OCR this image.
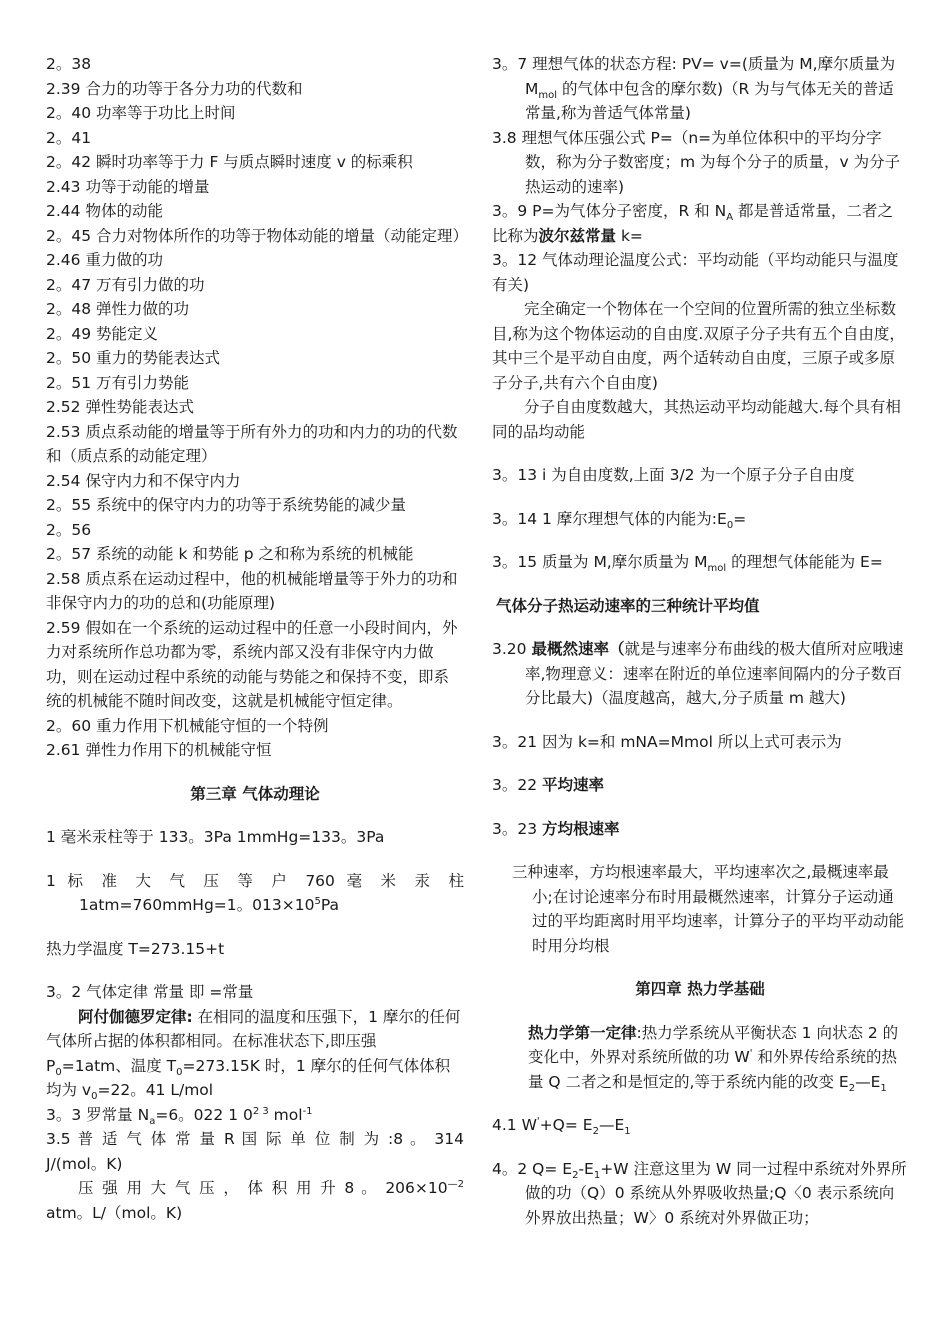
2。38

2.39 合力的功等于各分力功的代数和

2。40 功率等于功比上时间

2。41

2。42 瞬时功率等于力 F 与质点瞬时速度 v 的标乘积

2.43 功等于动能的增量

2.44 物体的动能

2。45 合力对物体所作的功等于物体动能的增量（动能定理）

2.46 重力做的功

2。47 万有引力做的功

2。48 弹性力做的功

2。49 势能定义

2。50 重力的势能表达式

2。51 万有引力势能

2.52 弹性势能表达式

2.53 质点系动能的增量等于所有外力的功和内力的功的代数和（质点系的动能定理）

2.54 保守内力和不保守内力

2。55 系统中的保守内力的功等于系统势能的减少量

2。56

2。57 系统的动能 k 和势能 p 之和称为系统的机械能

2.58 质点系在运动过程中，他的机械能增量等于外力的功和非保守内力的功的总和(功能原理)

2.59 假如在一个系统的运动过程中的任意一小段时间内，外力对系统所作总功都为零，系统内部又没有非保守内力做功，则在运动过程中系统的动能与势能之和保持不变，即系统的机械能不随时间改变，这就是机械能守恒定律。

2。60 重力作用下机械能守恒的一个特例

2.61 弹性力作用下的机械能守恒

第三章 气体动理论

1 毫米汞柱等于 133。3Pa 1mmHg=133。3Pa

1 标 准 大 气 压 等 户 760 毫 米 汞 柱

1atm=760mmHg=1。$013\times 10^5Pa$

热力学温度 T=273.15+t

3。2 气体定律 常量 即 =常量

阿付伽德罗定律: 在相同的温度和压强下，1 摩尔的任何气体所占据的体积都相同。在标准状态下,即压强 $P_0=1atm$、温度 $T_0=273.15K$ 时，1 摩尔的任何气体体积均为 $v_0=22$。41 L/mol

3。3 罗常量 $N_a=6$。022 1 $0^{2 3}$ mol$^{-1}$

3.5 普 适 气 体 常 量 R 国 际 单 位 制 为 :8 。 314 J/(mol。K)

压 强 用 大 气 压 ， 体 积 用 升 8 。 $206\times 10^{—2}$ atm。L/（mol。K)

3。7 理想气体的状态方程: PV= v=(质量为 M,摩尔质量为 $M_{mol}$ 的气体中包含的摩尔数)（R 为与气体无关的普适常量,称为普适气体常量)

3.8 理想气体压强公式 P=（n=为单位体积中的平均分字数，称为分子数密度；m 为每个分子的质量，v 为分子热运动的速率)

3。9 P=为气体分子密度，R 和 $N_A$ 都是普适常量，二者之比称为波尔兹常量 k=

3。12 气体动理论温度公式：平均动能（平均动能只与温度有关)

完全确定一个物体在一个空间的位置所需的独立坐标数目,称为这个物体运动的自由度.双原子分子共有五个自由度，其中三个是平动自由度，两个适转动自由度，三原子或多原子分子,共有六个自由度)

分子自由度数越大，其热运动平均动能越大.每个具有相同的品均动能

3。13 i 为自由度数,上面 3/2 为一个原子分子自由度

3。14 1 摩尔理想气体的内能为$:E_0=$

3。15 质量为 M,摩尔质量为 $M_{mol}$ 的理想气体能能为 E=

气体分子热运动速率的三种统计平均值

3.20 最概然速率（就是与速率分布曲线的极大值所对应哦速率,物理意义：速率在附近的单位速率间隔内的分子数百分比最大)（温度越高，越大,分子质量 m 越大)

3。21 因为 k=和 mNA=Mmol 所以上式可表示为

3。22 平均速率

3。23 方均根速率

三种速率，方均根速率最大，平均速率次之,最概速率最小;在讨论速率分布时用最概然速率，计算分子运动通过的平均距离时用平均速率，计算分子的平均平动动能时用分均根

第四章 热力学基础

热力学第一定律:热力学系统从平衡状态 1 向状态 2 的变化中，外界对系统所做的功 W' 和外界传给系统的热量 Q 二者之和是恒定的,等于系统内能的改变 $E_2—E_1$

4.1 $W'+Q= E_2—E_1$

4。2 $Q= E_2-E_1+W$ 注意这里为 W 同一过程中系统对外界所做的功（Q）0 系统从外界吸收热量;Q〈0 表示系统向外界放出热量；W〉0 系统对外界做正功；
